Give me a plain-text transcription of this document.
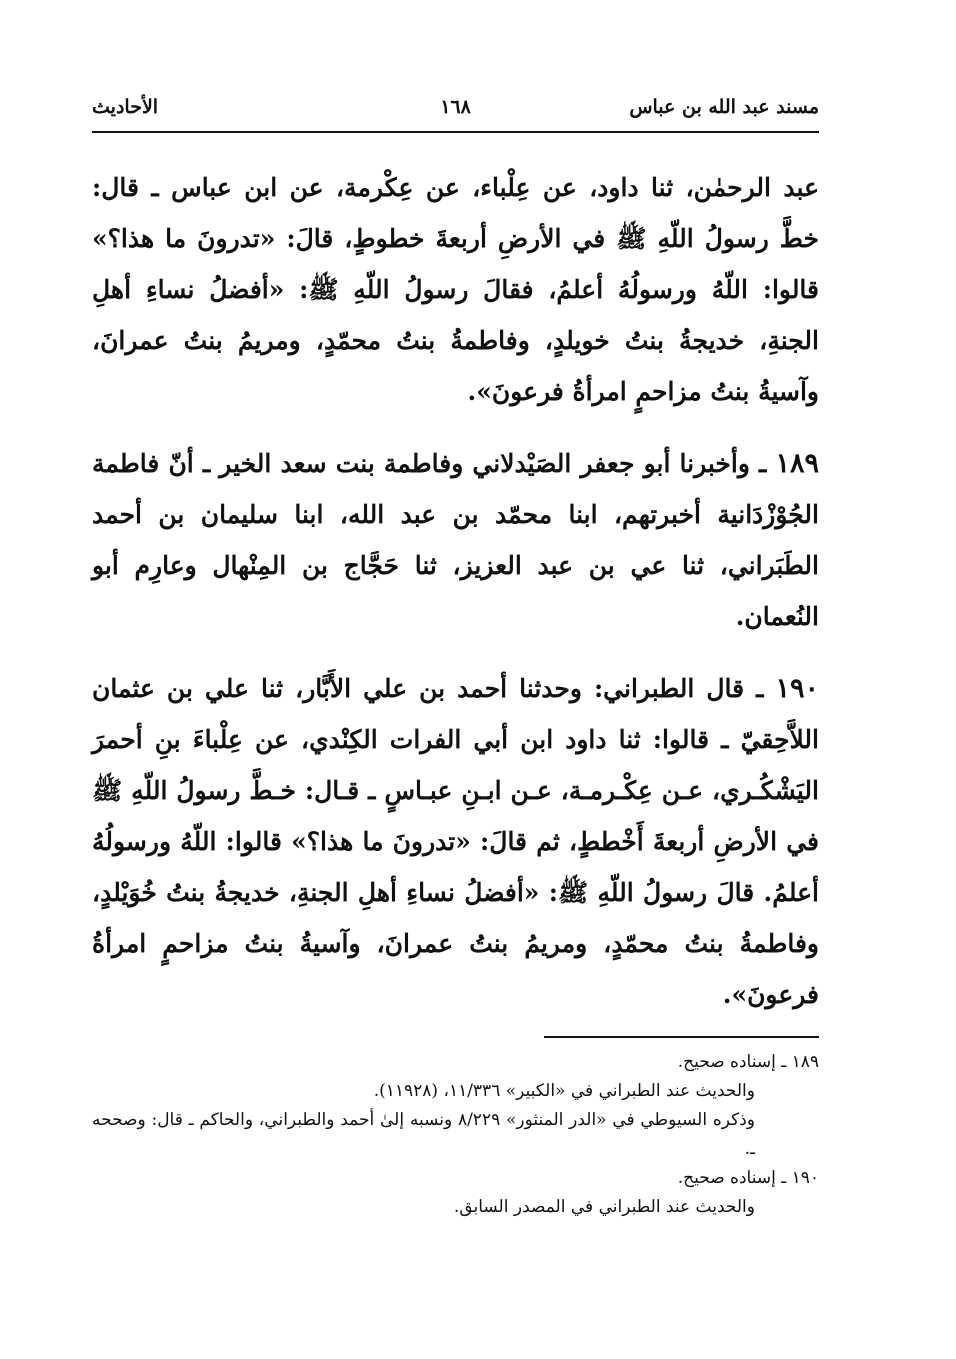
مسند عبد الله بن عباس
١٦٨
الأحاديث

عبد الرحمٰن، ثنا داود، عن عِلْباء، عن عِكْرمة، عن ابن عباس ـ قال: خطَّ رسولُ اللّهِ ﷺ في الأرضِ أربعةَ خطوطٍ، قالَ: «تدرونَ ما هذا؟» قالوا: اللّهُ ورسولُهُ أعلمُ، فقالَ رسولُ اللّهِ ﷺ: «أفضلُ نساءِ أهلِ الجنةِ، خديجةُ بنتُ خويلدٍ، وفاطمةُ بنتُ محمّدٍ، ومريمُ بنتُ عمرانَ، وآسيةُ بنتُ مزاحمٍ امرأةُ فرعونَ».

١٨٩ ـ وأخبرنا أبو جعفر الصَيْدلاني وفاطمة بنت سعد الخير ـ أنّ فاطمة الجُوْزْدَانية أخبرتهم، ابنا محمّد بن عبد الله، ابنا سليمان بن أحمد الطَبَراني، ثنا عي بن عبد العزيز، ثنا حَجَّاج بن المِنْهال وعارِم أبو النُعمان.

١٩٠ ـ قال الطبراني: وحدثنا أحمد بن علي الأَبَّار، ثنا علي بن عثمان اللاَّحِقيّ ـ قالوا: ثنا داود ابن أبي الفرات الكِنْدي، عن عِلْباءَ بنِ أحمرَ اليَشْكُـري، عـن عِكْـرمـة، عـن ابـنِ عبـاسٍ ـ قـال: خـطَّ رسولُ اللّهِ ﷺ في الأرضِ أربعةَ أَخْططٍ، ثم قالَ: «تدرونَ ما هذا؟» قالوا: اللّهُ ورسولُهُ أعلمُ. قالَ رسولُ اللّهِ ﷺ: «أفضلُ نساءِ أهلِ الجنةِ، خديجةُ بنتُ خُوَيْلدٍ، وفاطمةُ بنتُ محمّدٍ، ومريمُ بنتُ عمرانَ، وآسيةُ بنتُ مزاحمٍ امرأةُ فرعونَ».

١٨٩ ـ إسناده صحيح.

والحديث عند الطبراني في «الكبير» ١١/٣٣٦، (١١٩٢٨).

وذكره السيوطي في «الدر المنثور» ٨/٢٢٩ ونسبه إلىٰ أحمد والطبراني، والحاكم ـ قال: وصححه ـ.

١٩٠ ـ إسناده صحيح.

والحديث عند الطبراني في المصدر السابق.
